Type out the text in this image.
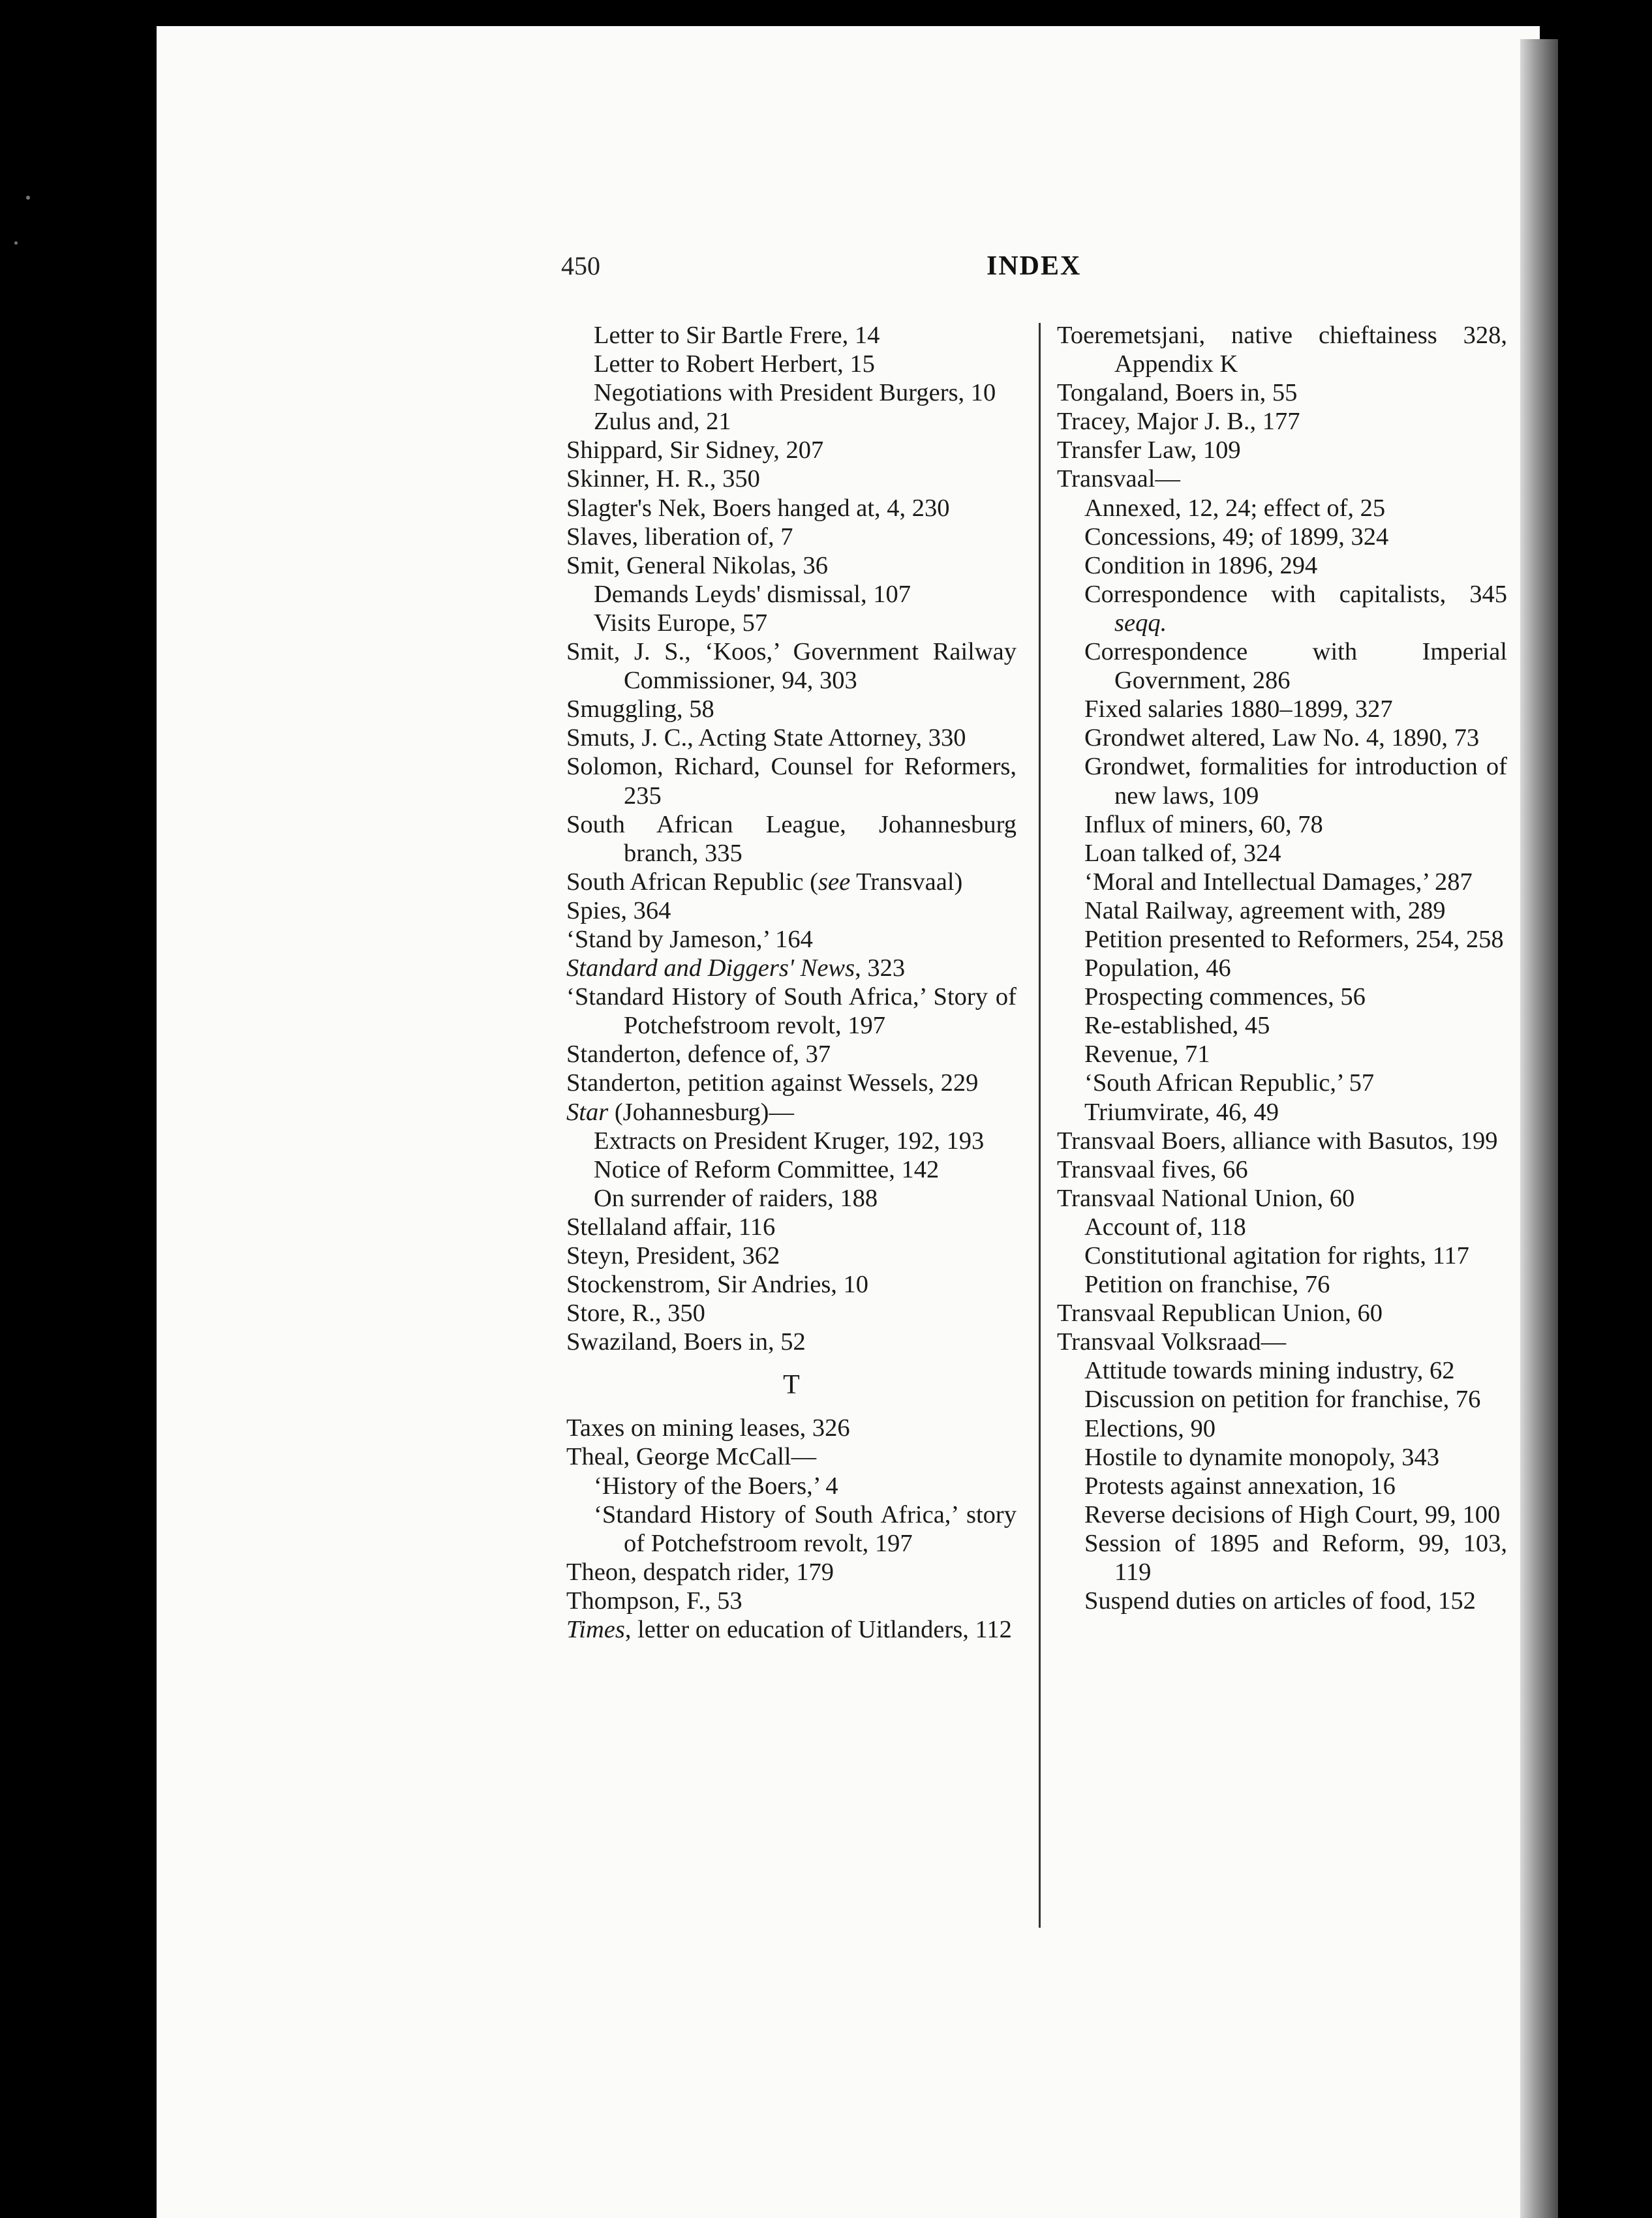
450	INDEX

Letter to Sir Bartle Frere, 14

Letter to Robert Herbert, 15

Negotiations with President Burgers, 10

Zulus and, 21

Shippard, Sir Sidney, 207

Skinner, H. R., 350

Slagter's Nek, Boers hanged at, 4, 230

Slaves, liberation of, 7

Smit, General Nikolas, 36

Demands Leyds' dismissal, 107

Visits Europe, 57

Smit, J. S., ‘Koos,’ Government Railway Commissioner, 94, 303

Smuggling, 58

Smuts, J. C., Acting State Attorney, 330

Solomon, Richard, Counsel for Reformers, 235

South African League, Johannesburg branch, 335

South African Republic (see Transvaal)

Spies, 364

‘Stand by Jameson,’ 164

Standard and Diggers' News, 323

‘Standard History of South Africa,’ Story of Potchefstroom revolt, 197

Standerton, defence of, 37

Standerton, petition against Wessels, 229

Star (Johannesburg)—

Extracts on President Kruger, 192, 193

Notice of Reform Committee, 142

On surrender of raiders, 188

Stellaland affair, 116

Steyn, President, 362

Stockenstrom, Sir Andries, 10

Store, R., 350

Swaziland, Boers in, 52

T

Taxes on mining leases, 326

Theal, George McCall—

‘History of the Boers,’ 4

‘Standard History of South Africa,’ story of Potchefstroom revolt, 197

Theon, despatch rider, 179

Thompson, F., 53

Times, letter on education of Uitlanders, 112

Toeremetsjani, native chieftainess 328, Appendix K

Tongaland, Boers in, 55

Tracey, Major J. B., 177

Transfer Law, 109

Transvaal—

Annexed, 12, 24; effect of, 25

Concessions, 49; of 1899, 324

Condition in 1896, 294

Correspondence with capitalists, 345 seqq.

Correspondence with Imperial Government, 286

Fixed salaries 1880–1899, 327

Grondwet altered, Law No. 4, 1890, 73

Grondwet, formalities for introduction of new laws, 109

Influx of miners, 60, 78

Loan talked of, 324

‘Moral and Intellectual Damages,’ 287

Natal Railway, agreement with, 289

Petition presented to Reformers, 254, 258

Population, 46

Prospecting commences, 56

Re-established, 45

Revenue, 71

‘South African Republic,’ 57

Triumvirate, 46, 49

Transvaal Boers, alliance with Basutos, 199

Transvaal fives, 66

Transvaal National Union, 60

Account of, 118

Constitutional agitation for rights, 117

Petition on franchise, 76

Transvaal Republican Union, 60

Transvaal Volksraad—

Attitude towards mining industry, 62

Discussion on petition for franchise, 76

Elections, 90

Hostile to dynamite monopoly, 343

Protests against annexation, 16

Reverse decisions of High Court, 99, 100

Session of 1895 and Reform, 99, 103, 119

Suspend duties on articles of food, 152
